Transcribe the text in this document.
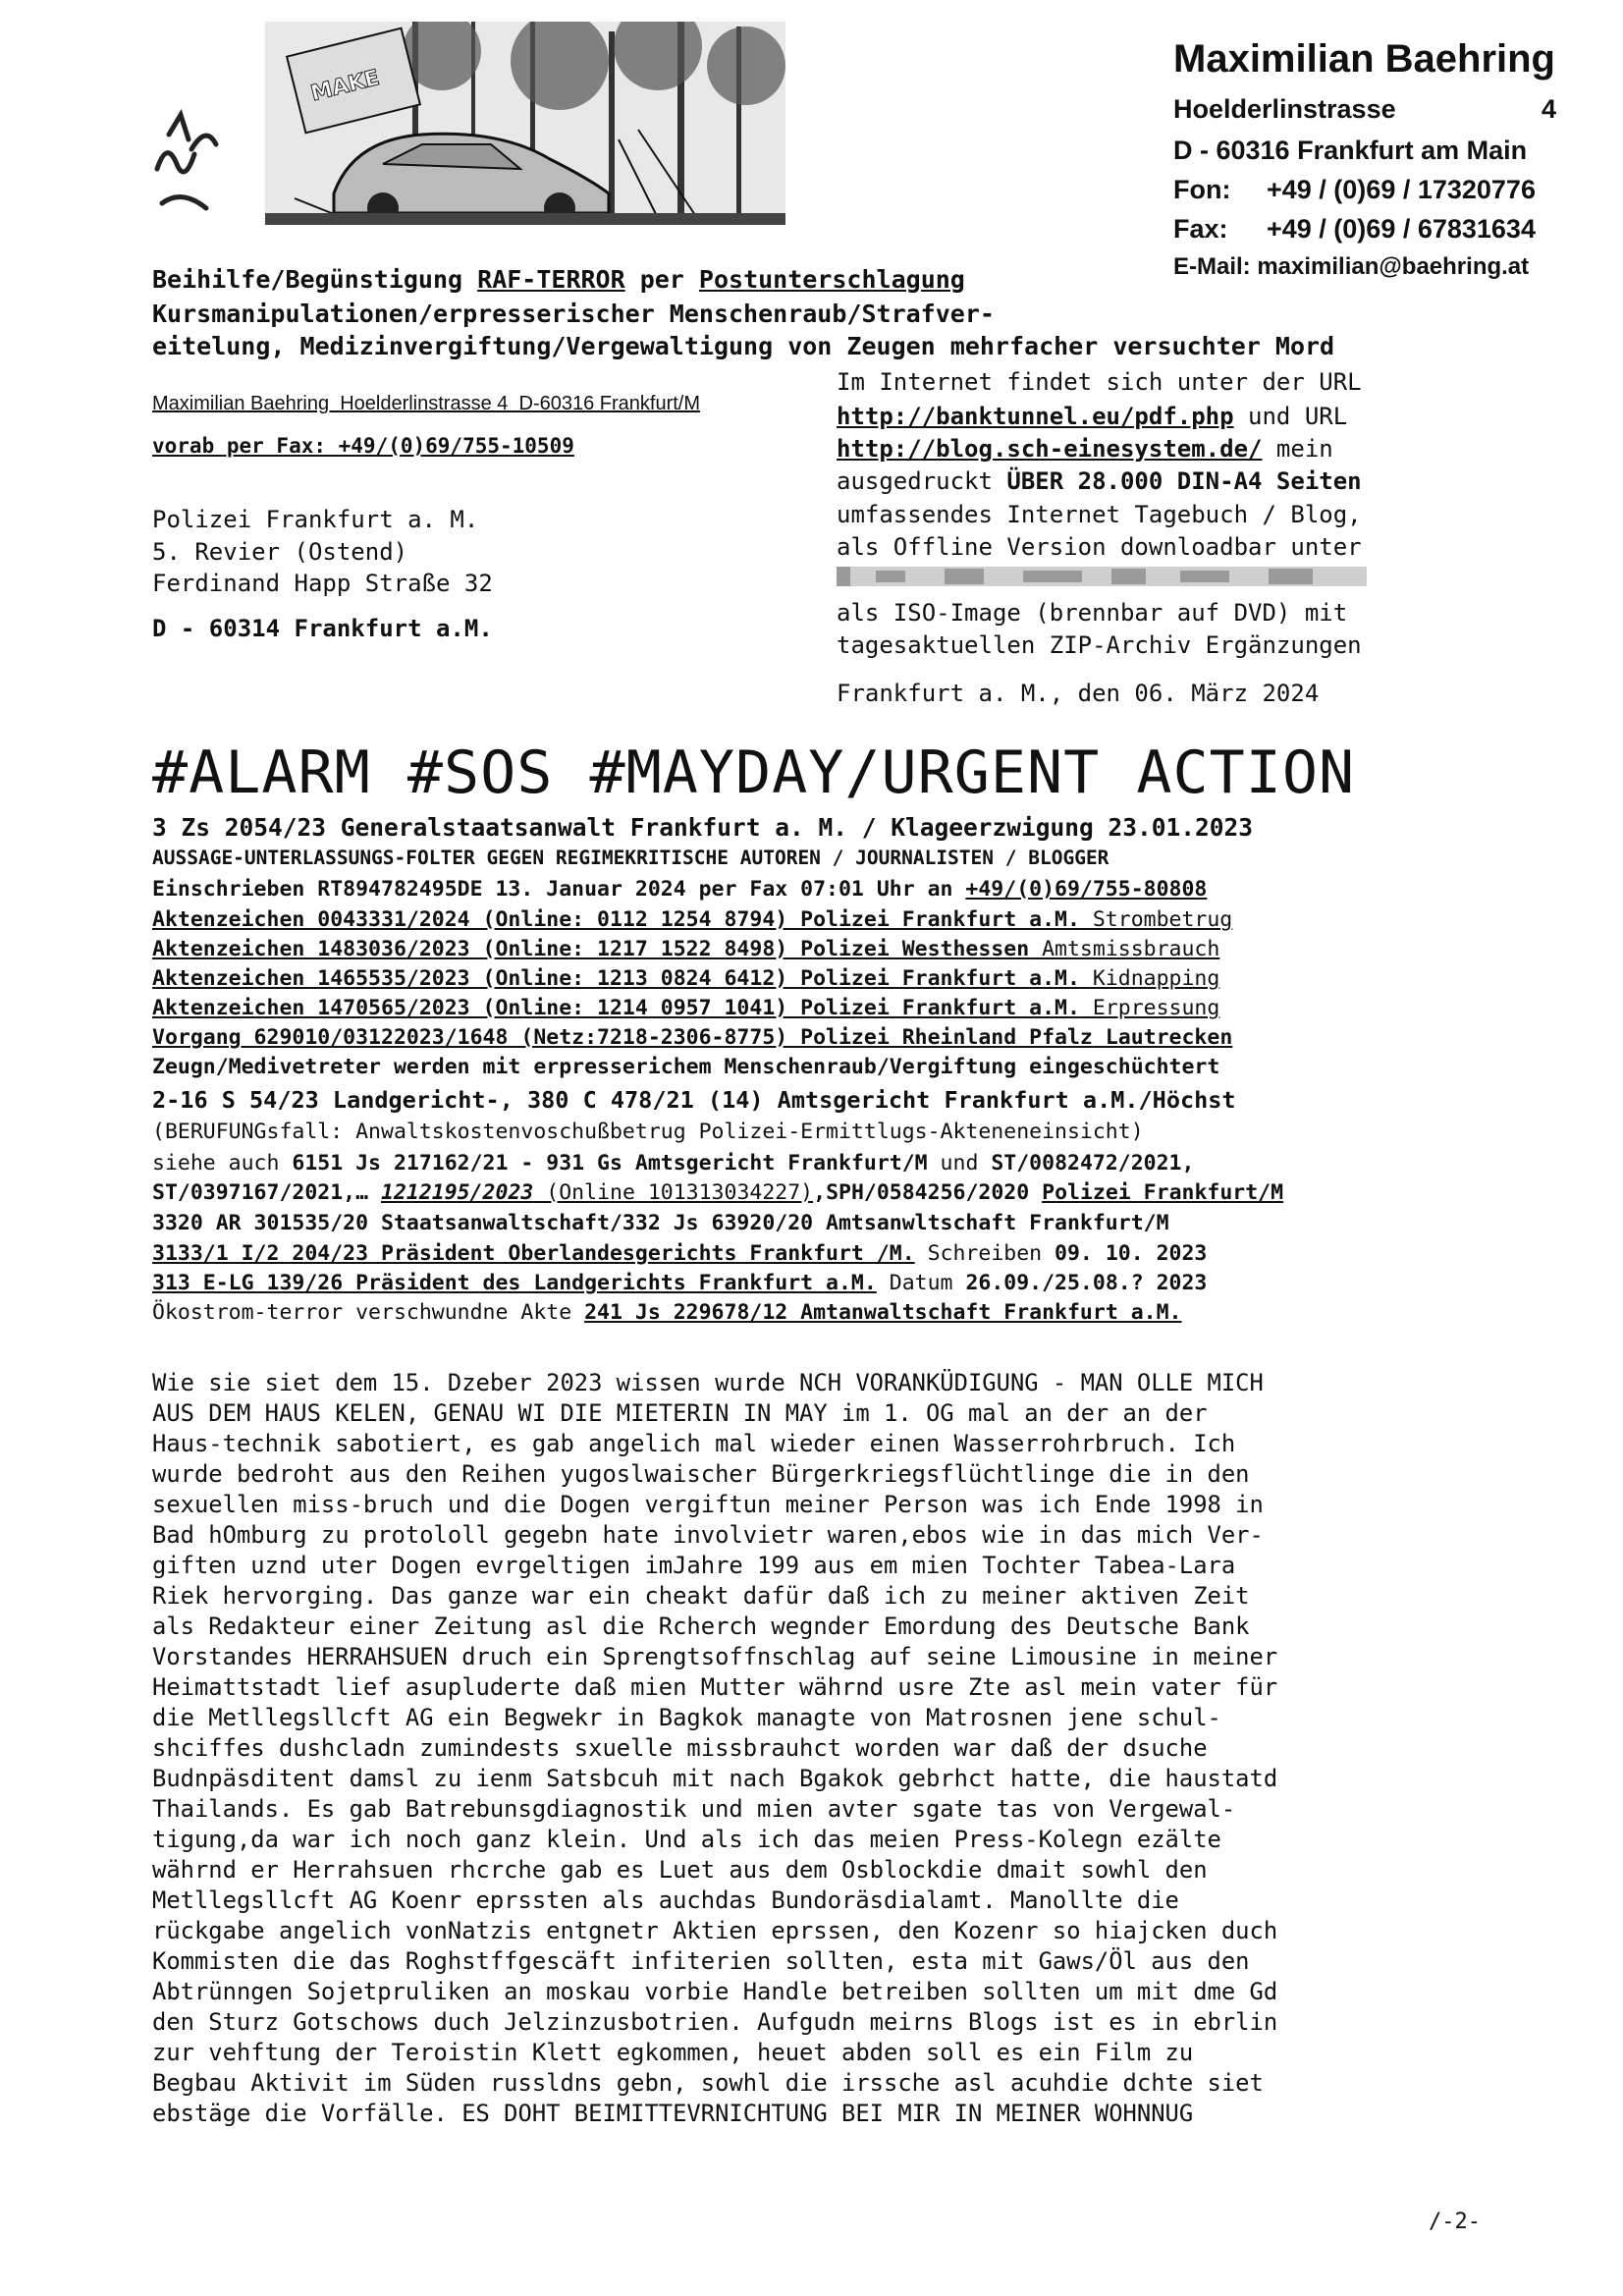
MAKE
Maximilian Baehring
Hoelderlinstrasse	4
D - 60316 Frankfurt am Main
Fon: +49 / (0)69 / 17320776
Fax: +49 / (0)69 / 67831634
E-Mail: maximilian@baehring.at
Beihilfe/Begünstigung RAF-TERROR per Postunterschlagung
Kursmanipulationen/erpresserischer Menschenraub/Strafver-
eitelung, Medizinvergiftung/Vergewaltigung von Zeugen mehrfacher versuchter Mord
Maximilian Baehring  Hoelderlinstrasse 4  D-60316 Frankfurt/M
vorab per Fax: +49/(0)69/755-10509
Polizei Frankfurt a. M.
5. Revier (Ostend)
Ferdinand Happ Straße 32
D - 60314 Frankfurt a.M.
Im Internet findet sich unter der URL
http://banktunnel.eu/pdf.php und URL
http://blog.sch-einesystem.de/ mein
ausgedruckt ÜBER 28.000 DIN-A4 Seiten
umfassendes Internet Tagebuch / Blog,
als Offline Version downloadbar unter
als ISO-Image (brennbar auf DVD) mit
tagesaktuellen ZIP-Archiv Ergänzungen
Frankfurt a. M., den 06. März 2024
#ALARM #SOS #MAYDAY/URGENT ACTION
3 Zs 2054/23 Generalstaatsanwalt Frankfurt a. M. / Klageerzwigung 23.01.2023
AUSSAGE-UNTERLASSUNGS-FOLTER GEGEN REGIMEKRITISCHE AUTOREN / JOURNALISTEN / BLOGGER
Einschrieben RT894782495DE 13. Januar 2024 per Fax 07:01 Uhr an +49/(0)69/755-80808
Aktenzeichen 0043331/2024 (Online: 0112 1254 8794) Polizei Frankfurt a.M. Strombetrug
Aktenzeichen 1483036/2023 (Online: 1217 1522 8498) Polizei Westhessen Amtsmissbrauch
Aktenzeichen 1465535/2023 (Online: 1213 0824 6412) Polizei Frankfurt a.M. Kidnapping
Aktenzeichen 1470565/2023 (Online: 1214 0957 1041) Polizei Frankfurt a.M. Erpressung
Vorgang 629010/03122023/1648 (Netz:7218-2306-8775) Polizei Rheinland Pfalz Lautrecken
Zeugn/Medivetreter werden mit erpresserichem Menschenraub/Vergiftung eingeschüchtert
2-16 S 54/23 Landgericht-, 380 C 478/21 (14) Amtsgericht Frankfurt a.M./Höchst
(BERUFUNGsfall: Anwaltskostenvoschußbetrug Polizei-Ermittlugs-Akteneneinsicht)
siehe auch 6151 Js 217162/21 - 931 Gs Amtsgericht Frankfurt/M und ST/0082472/2021,
ST/0397167/2021,… 1212195/2023 (Online 101313034227),SPH/0584256/2020 Polizei Frankfurt/M
3320 AR 301535/20 Staatsanwaltschaft/332 Js 63920/20 Amtsanwltschaft Frankfurt/M
3133/1 I/2 204/23 Präsident Oberlandesgerichts Frankfurt /M. Schreiben 09. 10. 2023
313 E-LG 139/26 Präsident des Landgerichts Frankfurt a.M. Datum 26.09./25.08.? 2023
Ökostrom-terror verschwundne Akte 241 Js 229678/12 Amtanwaltschaft Frankfurt a.M.
Wie sie siet dem 15. Dzeber 2023 wissen wurde NCH VORANKÜDIGUNG - MAN OLLE MICH
AUS DEM HAUS KELEN, GENAU WI DIE MIETERIN IN MAY im 1. OG mal an der an der
Haus-technik sabotiert, es gab angelich mal wieder einen Wasserrohrbruch. Ich
wurde bedroht aus den Reihen yugoslwaischer Bürgerkriegsflüchtlinge die in den
sexuellen miss-bruch und die Dogen vergiftun meiner Person was ich Ende 1998 in
Bad hOmburg zu protololl gegebn hate involvietr waren,ebos wie in das mich Ver-
giften uznd uter Dogen evrgeltigen imJahre 199 aus em mien Tochter Tabea-Lara
Riek hervorging. Das ganze war ein cheakt dafür daß ich zu meiner aktiven Zeit
als Redakteur einer Zeitung asl die Rcherch wegnder Emordung des Deutsche Bank
Vorstandes HERRAHSUEN druch ein Sprengtsoffnschlag auf seine Limousine in meiner
Heimattstadt lief asupluderte daß mien Mutter währnd usre Zte asl mein vater für
die Metllegsllcft AG ein Begwekr in Bagkok managte von Matrosnen jene schul-
shciffes dushcladn zumindests sxuelle missbrauhct worden war daß der dsuche
Budnpäsditent damsl zu ienm Satsbcuh mit nach Bgakok gebrhct hatte, die haustatd
Thailands. Es gab Batrebunsgdiagnostik und mien avter sgate tas von Vergewal-
tigung,da war ich noch ganz klein. Und als ich das meien Press-Kolegn ezälte
währnd er Herrahsuen rhcrche gab es Luet aus dem Osblockdie dmait sowhl den
Metllegsllcft AG Koenr eprssten als auchdas Bundoräsdialamt. Manollte die
rückgabe angelich vonNatzis entgnetr Aktien eprssen, den Kozenr so hiajcken duch
Kommisten die das Roghstffgescäft infiterien sollten, esta mit Gaws/Öl aus den
Abtrünngen Sojetpruliken an moskau vorbie Handle betreiben sollten um mit dme Gd
den Sturz Gotschows duch Jelzinzusbotrien. Aufgudn meirns Blogs ist es in ebrlin
zur vehftung der Teroistin Klett egkommen, heuet abden soll es ein Film zu
Begbau Aktivit im Süden russldns gebn, sowhl die irssche asl acuhdie dchte siet
ebstäge die Vorfälle. ES DOHT BEIMITTEVRNICHTUNG BEI MIR IN MEINER WOHNNUG
/-2-
